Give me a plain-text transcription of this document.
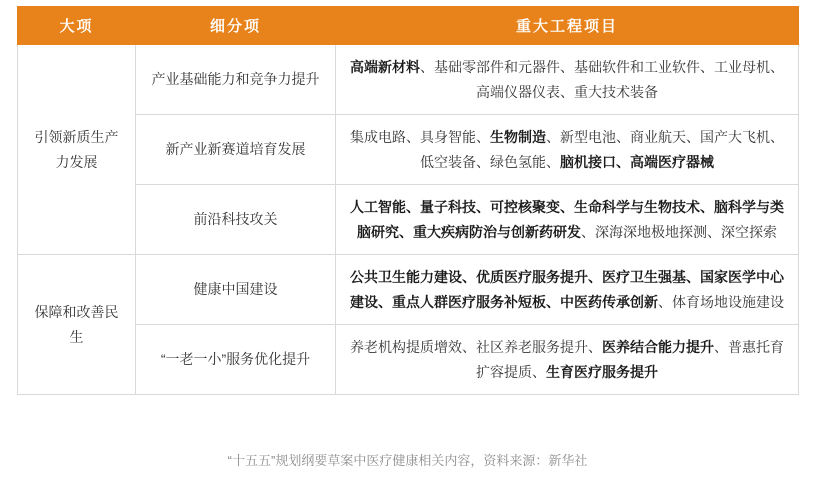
大项	细分项	重大工程项目
引领新质生产力发展	产业基础能力和竞争力提升	高端新材料、基础零部件和元器件、基础软件和工业软件、工业母机、高端仪器仪表、重大技术装备
	新产业新赛道培育发展	集成电路、具身智能、生物制造、新型电池、商业航天、国产大飞机、低空装备、绿色氢能、脑机接口、高端医疗器械
	前沿科技攻关	人工智能、量子科技、可控核聚变、生命科学与生物技术、脑科学与类脑研究、重大疾病防治与创新药研发、深海深地极地探测、深空探索
保障和改善民生	健康中国建设	公共卫生能力建设、优质医疗服务提升、医疗卫生强基、国家医学中心建设、重点人群医疗服务补短板、中医药传承创新、体育场地设施建设
	“一老一小”服务优化提升	养老机构提质增效、社区养老服务提升、医养结合能力提升、普惠托育扩容提质、生育医疗服务提升
“十五五”规划纲要草案中医疗健康相关内容，资料来源：新华社
